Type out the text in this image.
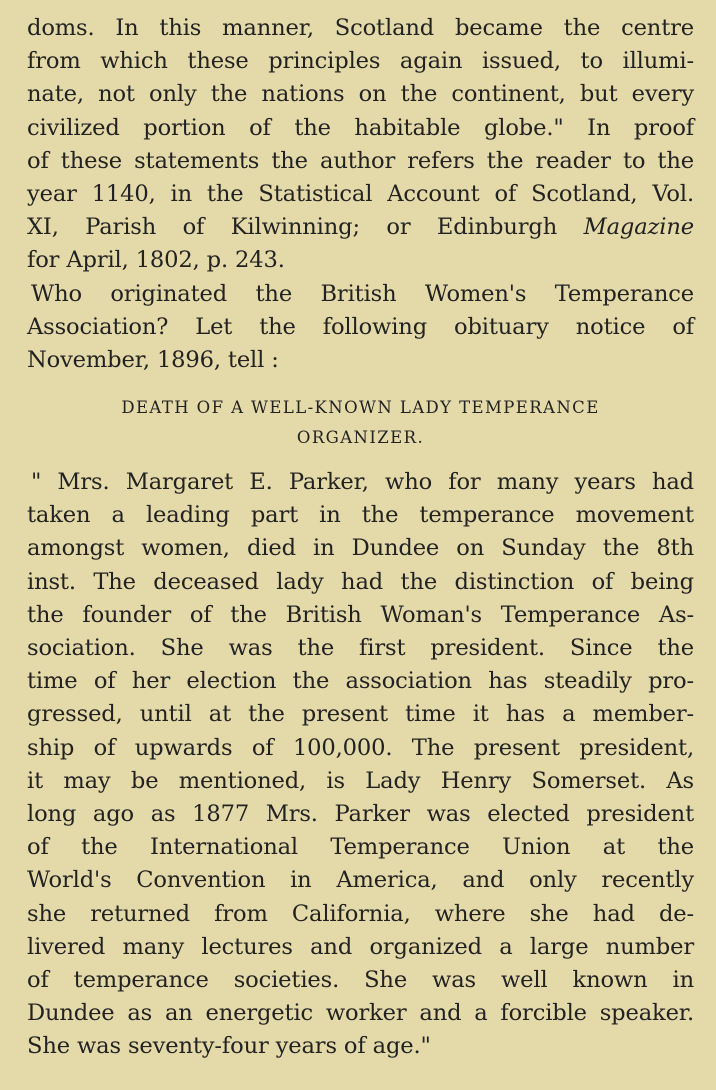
doms. In this manner, Scotland became the centre
from which these principles again issued, to illumi-
nate, not only the nations on the continent, but every
civilized portion of the habitable globe." In proof
of these statements the author refers the reader to the
year 1140, in the Statistical Account of Scotland, Vol.
XI, Parish of Kilwinning; or Edinburgh Magazine
for April, 1802, p. 243.
Who originated the British Women's Temperance
Association? Let the following obituary notice of
November, 1896, tell :
DEATH OF A WELL-KNOWN LADY TEMPERANCE
ORGANIZER.
" Mrs. Margaret E. Parker, who for many years had
taken a leading part in the temperance movement
amongst women, died in Dundee on Sunday the 8th
inst. The deceased lady had the distinction of being
the founder of the British Woman's Temperance As-
sociation. She was the first president. Since the
time of her election the association has steadily pro-
gressed, until at the present time it has a member-
ship of upwards of 100,000. The present president,
it may be mentioned, is Lady Henry Somerset. As
long ago as 1877 Mrs. Parker was elected president
of the International Temperance Union at the
World's Convention in America, and only recently
she returned from California, where she had de-
livered many lectures and organized a large number
of temperance societies. She was well known in
Dundee as an energetic worker and a forcible speaker.
She was seventy-four years of age."
